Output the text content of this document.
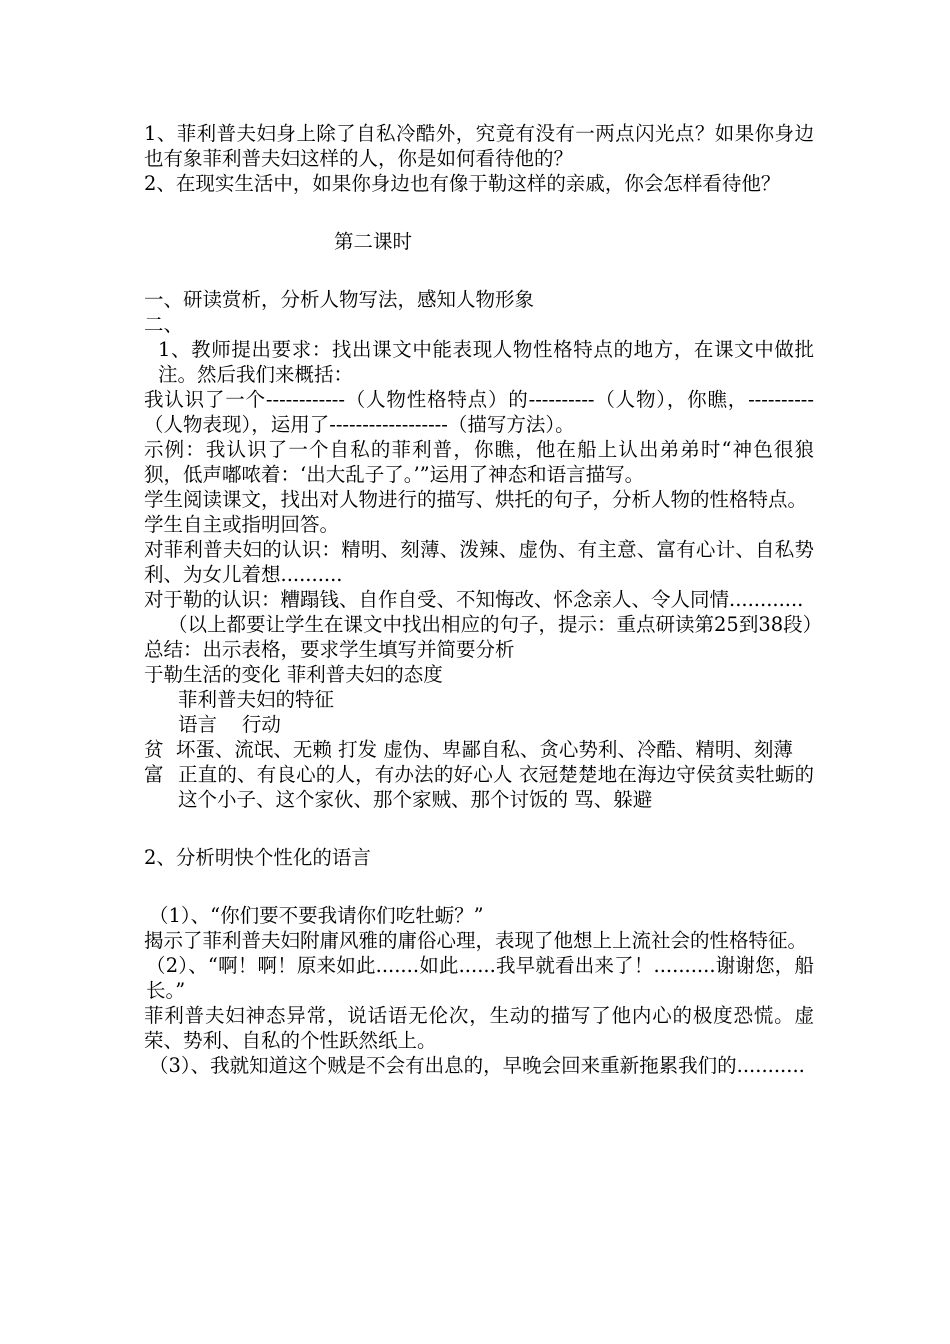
1、菲利普夫妇身上除了自私冷酷外，究竟有没有一两点闪光点？如果你身边也有象菲利普夫妇这样的人，你是如何看待他的？
2、在现实生活中，如果你身边也有像于勒这样的亲戚，你会怎样看待他？
第二课时
一、研读赏析，分析人物写法，感知人物形象
二、
1、教师提出要求：找出课文中能表现人物性格特点的地方，在课文中做批注。然后我们来概括：
我认识了一个------------（人物性格特点）的----------（人物），你瞧，----------（人物表现），运用了------------------（描写方法）。
示例：我认识了一个自私的菲利普，你瞧，他在船上认出弟弟时“神色很狼狈，低声嘟哝着：‘出大乱子了。’”运用了神态和语言描写。
学生阅读课文，找出对人物进行的描写、烘托的句子，分析人物的性格特点。
学生自主或指明回答。
对菲利普夫妇的认识：精明、刻薄、泼辣、虚伪、有主意、富有心计、自私势利、为女儿着想..........
对于勒的认识：糟蹋钱、自作自受、不知悔改、怀念亲人、令人同情............
（以上都要让学生在课文中找出相应的句子，提示：重点研读第25到38段）
总结：出示表格，要求学生填写并简要分析
于勒生活的变化 菲利普夫妇的态度
菲利普夫妇的特征
语言 行动
贫 坏蛋、流氓、无赖 打发 虚伪、卑鄙自私、贪心势利、冷酷、精明、刻薄
富 正直的、有良心的人，有办法的好心人 衣冠楚楚地在海边守侯贫卖牡蛎的这个小子、这个家伙、那个家贼、那个讨饭的 骂、躲避
2、分析明快个性化的语言
（1）、“你们要不要我请你们吃牡蛎？”
揭示了菲利普夫妇附庸风雅的庸俗心理，表现了他想上上流社会的性格特征。
（2）、“啊！啊！原来如此.......如此......我早就看出来了！..........谢谢您，船长。”
菲利普夫妇神态异常，说话语无伦次，生动的描写了他内心的极度恐慌。虚荣、势利、自私的个性跃然纸上。
（3）、我就知道这个贼是不会有出息的，早晚会回来重新拖累我们的...........
